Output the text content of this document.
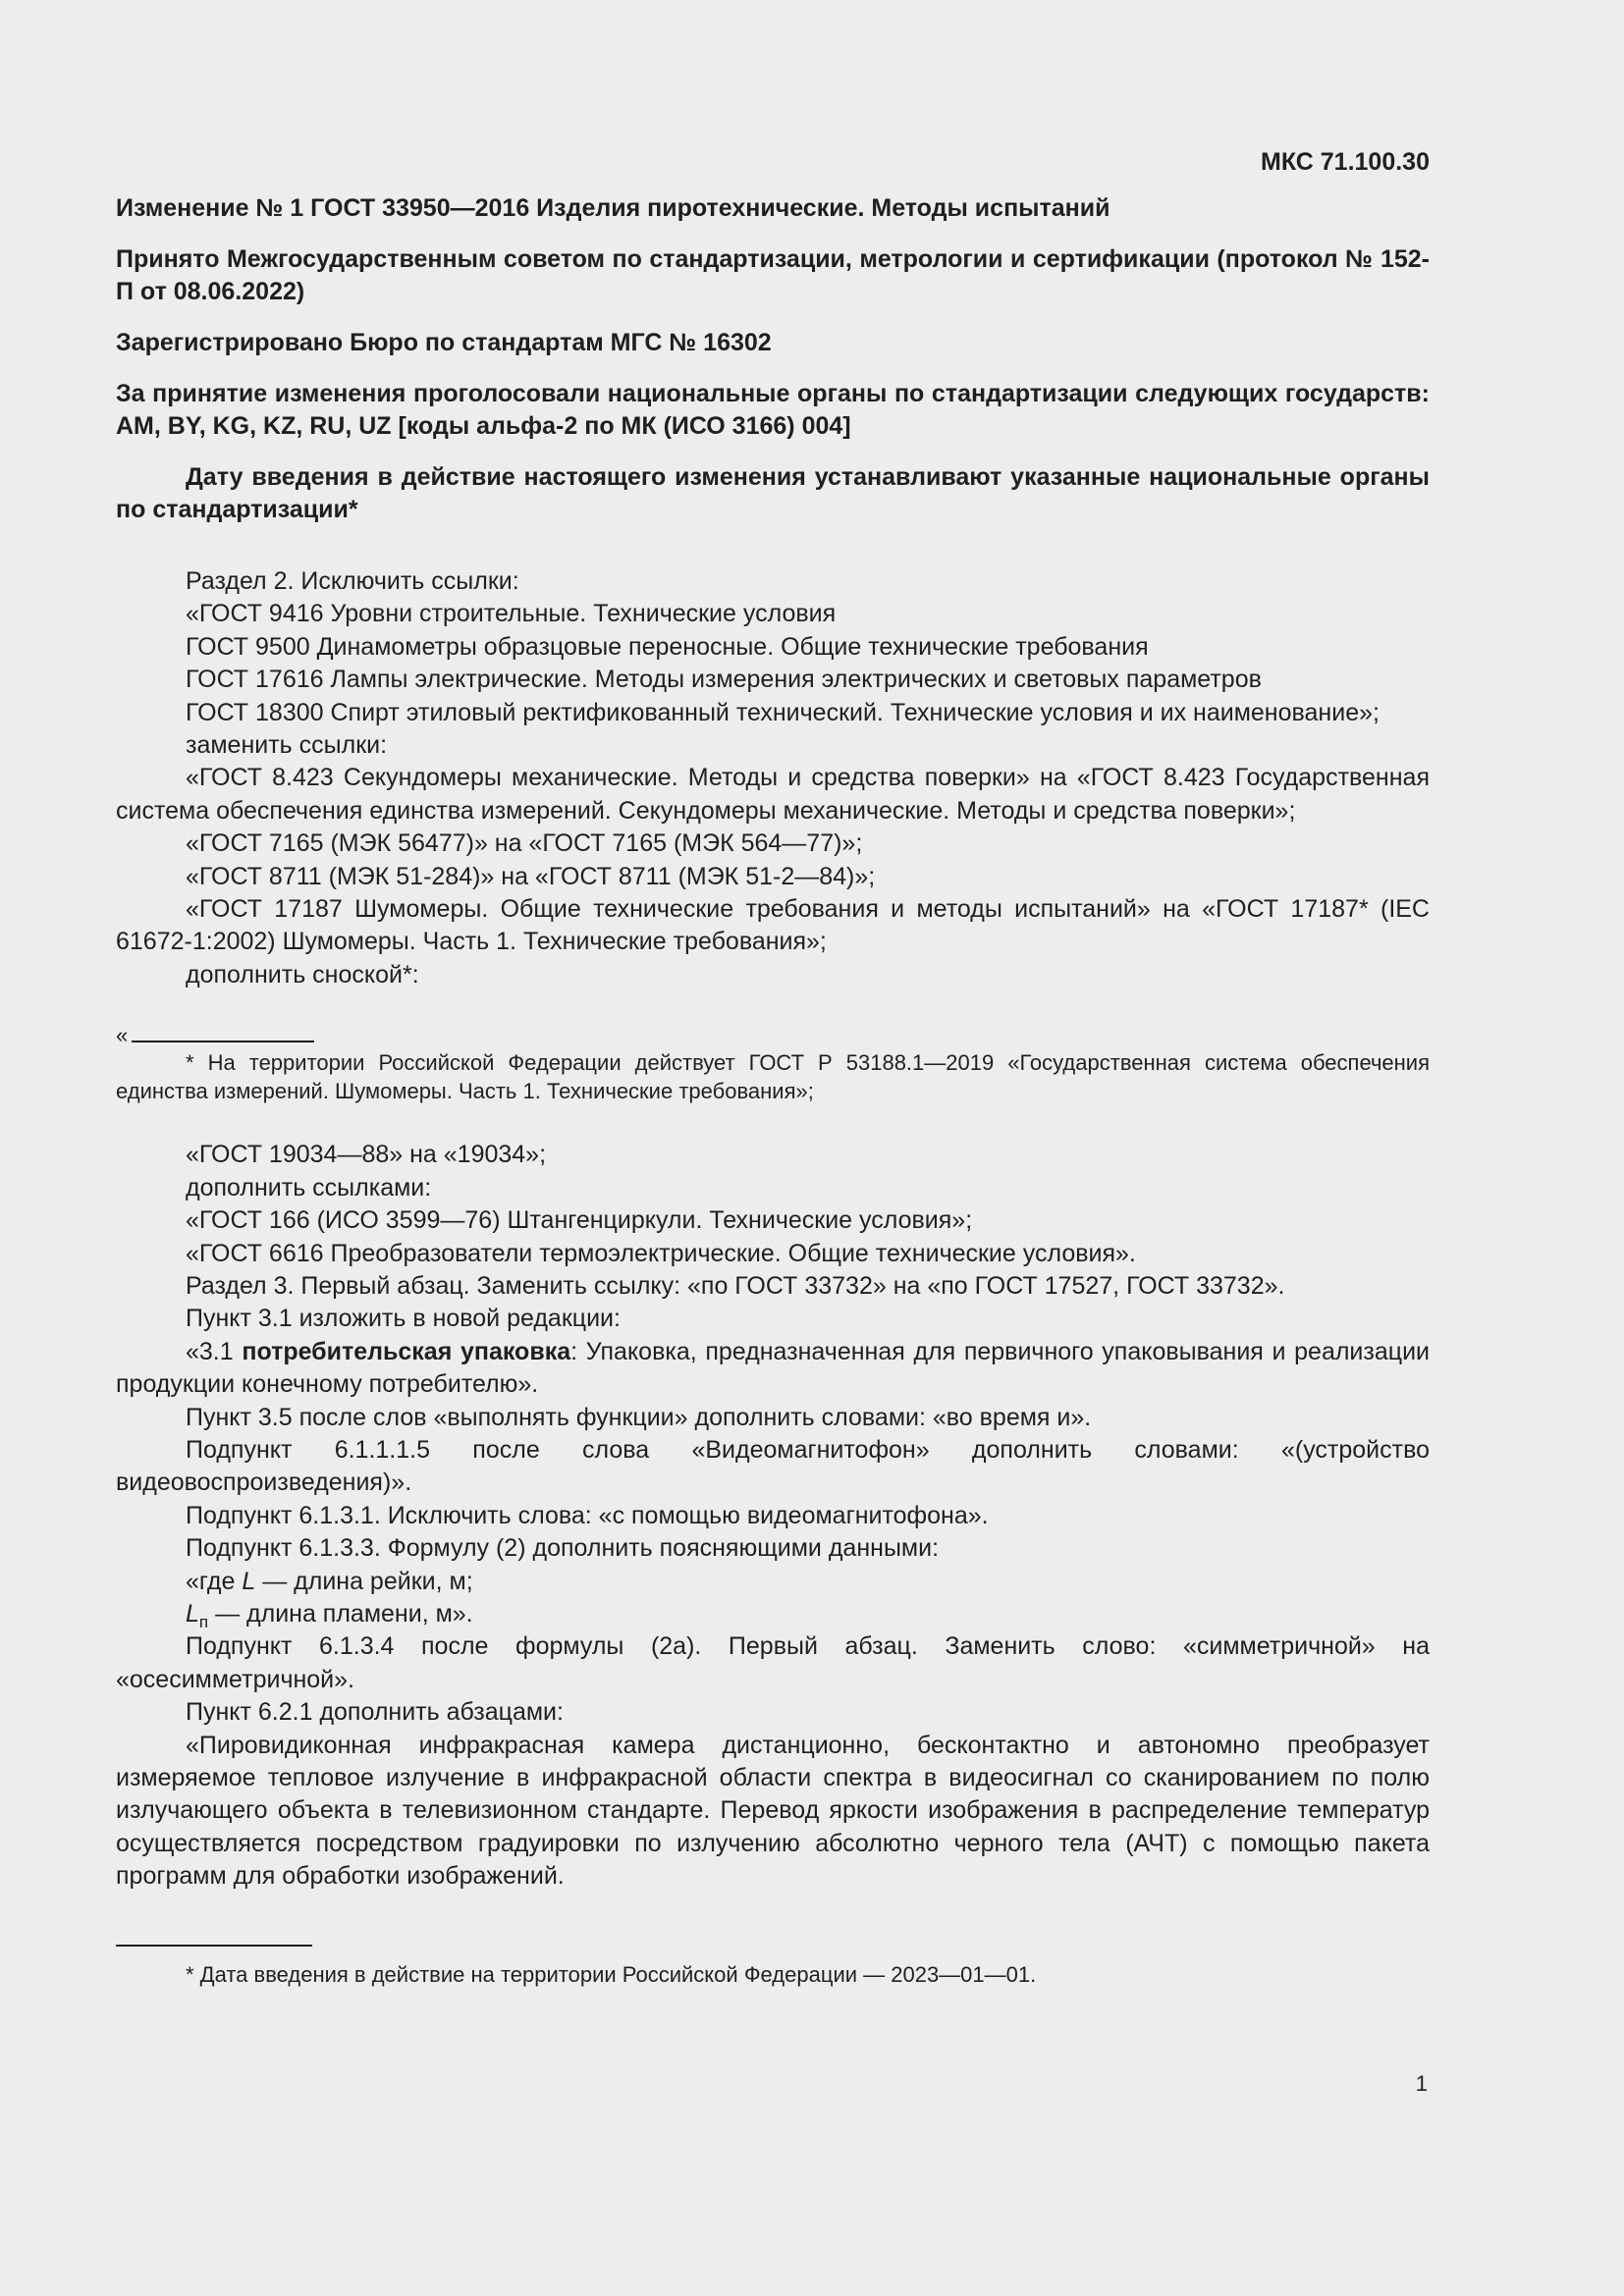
МКС 71.100.30
Изменение № 1 ГОСТ 33950—2016 Изделия пиротехнические. Методы испытаний
Принято Межгосударственным советом по стандартизации, метрологии и сертификации (протокол № 152-П от 08.06.2022)
Зарегистрировано Бюро по стандартам МГС № 16302
За принятие изменения проголосовали национальные органы по стандартизации следующих государств: AM, BY, KG, KZ, RU, UZ [коды альфа-2 по МК (ИСО 3166) 004]
Дату введения в действие настоящего изменения устанавливают указанные национальные органы по стандартизации*

Раздел 2. Исключить ссылки:

«ГОСТ 9416 Уровни строительные. Технические условия

ГОСТ 9500 Динамометры образцовые переносные. Общие технические требования

ГОСТ 17616 Лампы электрические. Методы измерения электрических и световых параметров

ГОСТ 18300 Спирт этиловый ректификованный технический. Технические условия и их наименование»;

заменить ссылки:

«ГОСТ 8.423 Секундомеры механические. Методы и средства поверки» на «ГОСТ 8.423 Государственная система обеспечения единства измерений. Секундомеры механические. Методы и средства поверки»;

«ГОСТ 7165 (МЭК 56477)» на «ГОСТ 7165 (МЭК 564—77)»;

«ГОСТ 8711 (МЭК 51-284)» на «ГОСТ 8711 (МЭК 51-2—84)»;

«ГОСТ 17187 Шумомеры. Общие технические требования и методы испытаний» на «ГОСТ 17187* (IEC 61672-1:2002) Шумомеры. Часть 1. Технические требования»;

дополнить сноской*:

«

* На территории Российской Федерации действует ГОСТ Р 53188.1—2019 «Государственная система обеспечения единства измерений. Шумомеры. Часть 1. Технические требования»;

«ГОСТ 19034—88» на «19034»;

дополнить ссылками:

«ГОСТ 166 (ИСО 3599—76) Штангенциркули. Технические условия»;

«ГОСТ 6616 Преобразователи термоэлектрические. Общие технические условия».

Раздел 3. Первый абзац. Заменить ссылку: «по ГОСТ 33732» на «по ГОСТ 17527, ГОСТ 33732».

Пункт 3.1 изложить в новой редакции:

«3.1 потребительская упаковка: Упаковка, предназначенная для первичного упаковывания и реализации продукции конечному потребителю».

Пункт 3.5 после слов «выполнять функции» дополнить словами: «во время и».

Подпункт 6.1.1.1.5 после слова «Видеомагнитофон» дополнить словами: «(устройство видеовоспроизведения)».

Подпункт 6.1.3.1. Исключить слова: «с помощью видеомагнитофона».

Подпункт 6.1.3.3. Формулу (2) дополнить поясняющими данными:

«где L — длина рейки, м;

$L_п$ — длина пламени, м».

Подпункт 6.1.3.4 после формулы (2а). Первый абзац. Заменить слово: «симметричной» на «осесимметричной».

Пункт 6.2.1 дополнить абзацами:

«Пировидиконная инфракрасная камера дистанционно, бесконтактно и автономно преобразует измеряемое тепловое излучение в инфракрасной области спектра в видеосигнал со сканированием по полю излучающего объекта в телевизионном стандарте. Перевод яркости изображения в распределение температур осуществляется посредством градуировки по излучению абсолютно черного тела (АЧТ) с помощью пакета программ для обработки изображений.

* Дата введения в действие на территории Российской Федерации — 2023—01—01.

1
